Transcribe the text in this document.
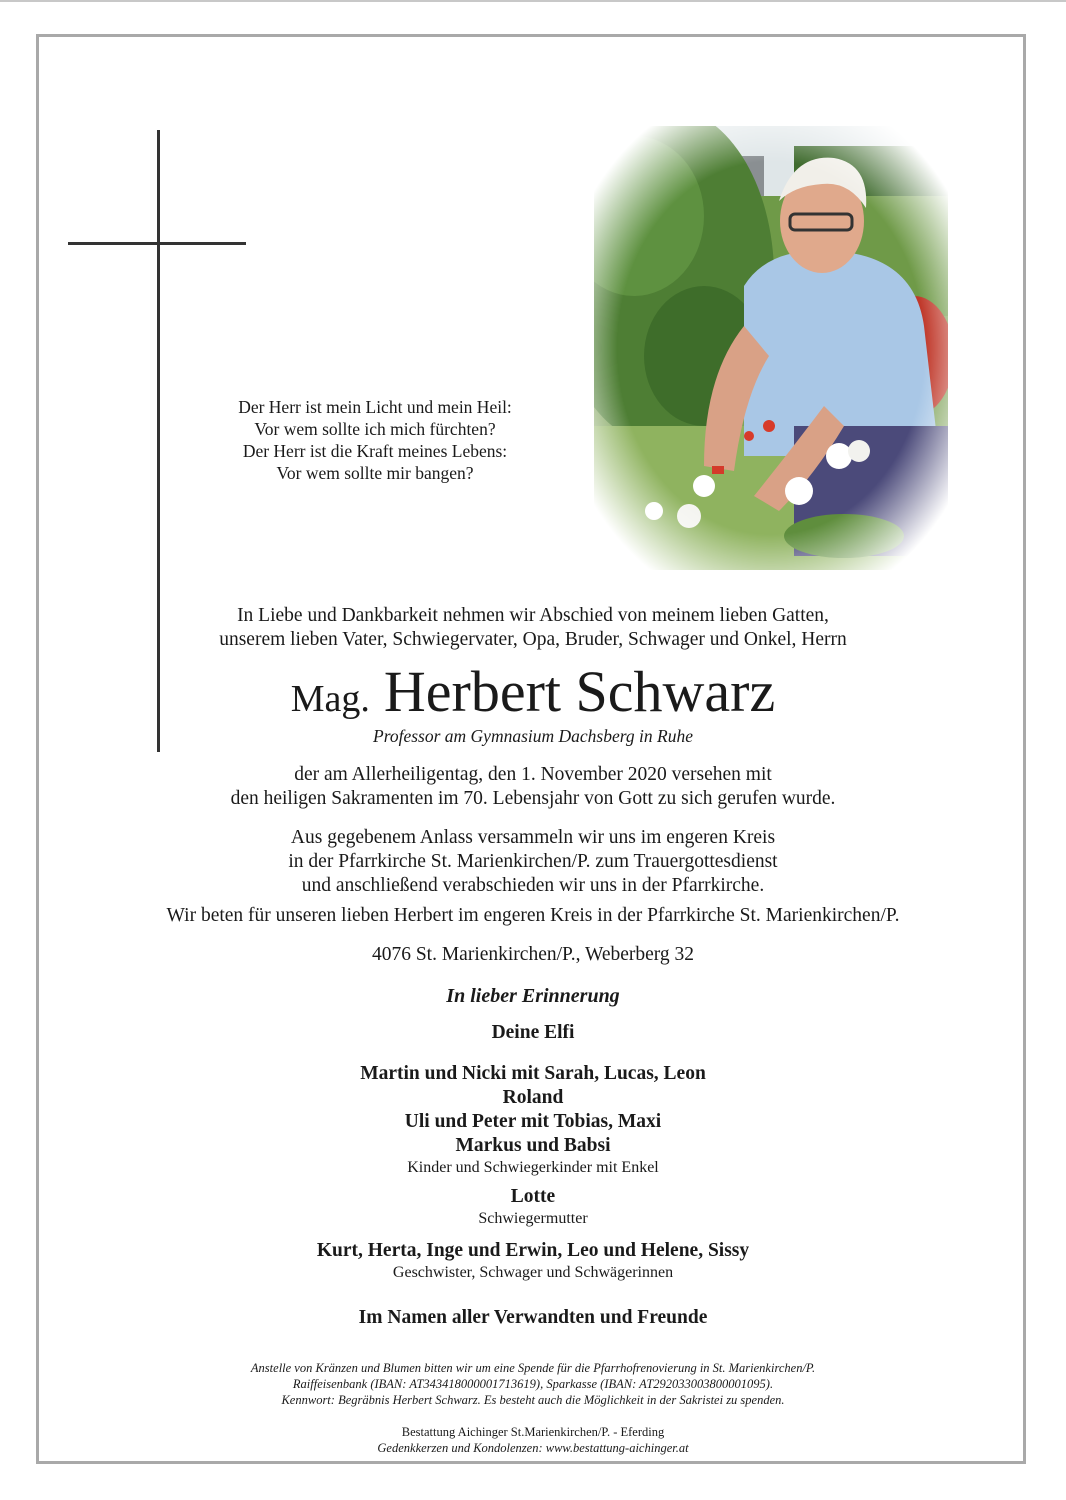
Der Herr ist mein Licht und mein Heil:
Vor wem sollte ich mich fürchten?
Der Herr ist die Kraft meines Lebens:
Vor wem sollte mir bangen?
In Liebe und Dankbarkeit nehmen wir Abschied von meinem lieben Gatten,
unserem lieben Vater, Schwiegervater, Opa, Bruder, Schwager und Onkel, Herrn
Mag. Herbert Schwarz
Professor am Gymnasium Dachsberg in Ruhe
der am Allerheiligentag, den 1. November 2020 versehen mit
den heiligen Sakramenten im 70. Lebensjahr von Gott zu sich gerufen wurde.
Aus gegebenem Anlass versammeln wir uns im engeren Kreis
in der Pfarrkirche St. Marienkirchen/P. zum Trauergottesdienst
und anschließend verabschieden wir uns in der Pfarrkirche.
Wir beten für unseren lieben Herbert im engeren Kreis in der Pfarrkirche St. Marienkirchen/P.
4076 St. Marienkirchen/P., Weberberg 32
In lieber Erinnerung
Deine Elfi
Martin und Nicki mit Sarah, Lucas, Leon
Roland
Uli und Peter mit Tobias, Maxi
Markus und Babsi
Kinder und Schwiegerkinder mit Enkel
Lotte
Schwiegermutter
Kurt, Herta, Inge und Erwin, Leo und Helene, Sissy
Geschwister, Schwager und Schwägerinnen
Im Namen aller Verwandten und Freunde
Anstelle von Kränzen und Blumen bitten wir um eine Spende für die Pfarrhofrenovierung in St. Marienkirchen/P.
Raiffeisenbank (IBAN: AT343418000001713619), Sparkasse (IBAN: AT292033003800001095).
Kennwort: Begräbnis Herbert Schwarz. Es besteht auch die Möglichkeit in der Sakristei zu spenden.
Bestattung Aichinger St.Marienkirchen/P. - Eferding
Gedenkkerzen und Kondolenzen: www.bestattung-aichinger.at
